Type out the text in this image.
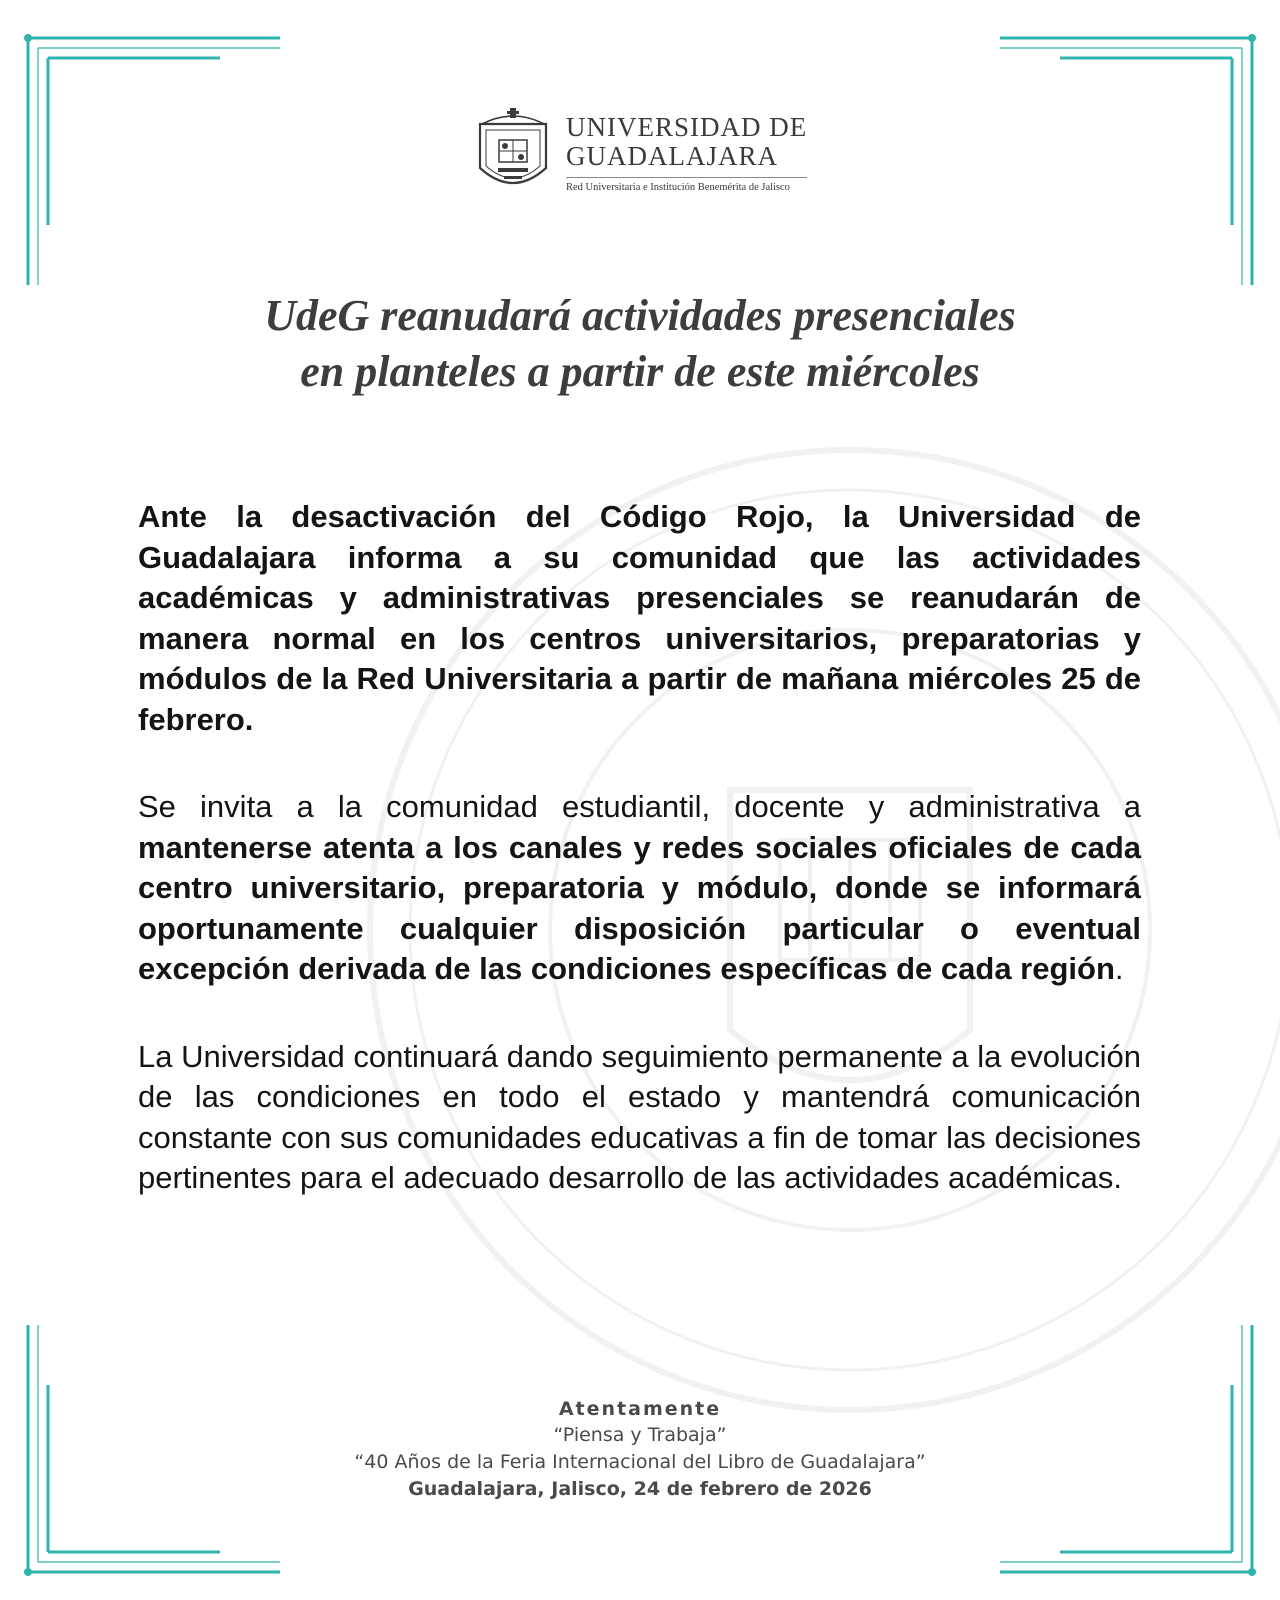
UNIVERSIDAD DE
GUADALAJARA
Red Universitaria e Institución Benemérita de Jalisco
UdeG reanudará actividades presenciales
en planteles a partir de este miércoles

Ante la desactivación del Código Rojo, la Universidad de Guadalajara informa a su comunidad que las actividades académicas y administrativas presenciales se reanudarán de manera normal en los centros universitarios, preparatorias y módulos de la Red Universitaria a partir de mañana miércoles 25 de febrero.

Se invita a la comunidad estudiantil, docente y administrativa a mantenerse atenta a los canales y redes sociales oficiales de cada centro universitario, preparatoria y módulo, donde se informará oportunamente cualquier disposición particular o eventual excepción derivada de las condiciones específicas de cada región.

La Universidad continuará dando seguimiento permanente a la evolución de las condiciones en todo el estado y mantendrá comunicación constante con sus comunidades educativas a fin de tomar las decisiones pertinentes para el adecuado desarrollo de las actividades académicas.

Atentamente
“Piensa y Trabaja”
“40 Años de la Feria Internacional del Libro de Guadalajara”
Guadalajara, Jalisco, 24 de febrero de 2026
